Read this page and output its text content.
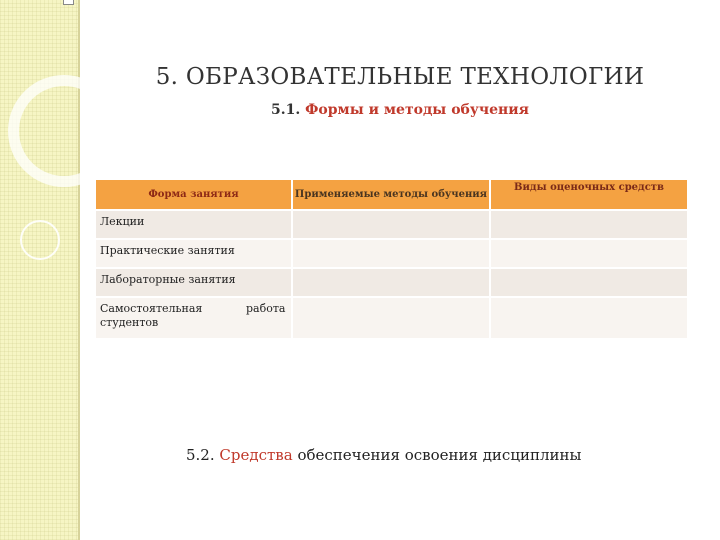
5. ОБРАЗОВАТЕЛЬНЫЕ ТЕХНОЛОГИИ
5.1. Формы и методы обучения
Форма занятия	Применяемые методы обучения	Виды оценочных средств
Лекции		
Практические занятия		
Лабораторные занятия		

Самостоятельная работа
студентов		

5.2. Средства обеспечения освоения дисциплины
